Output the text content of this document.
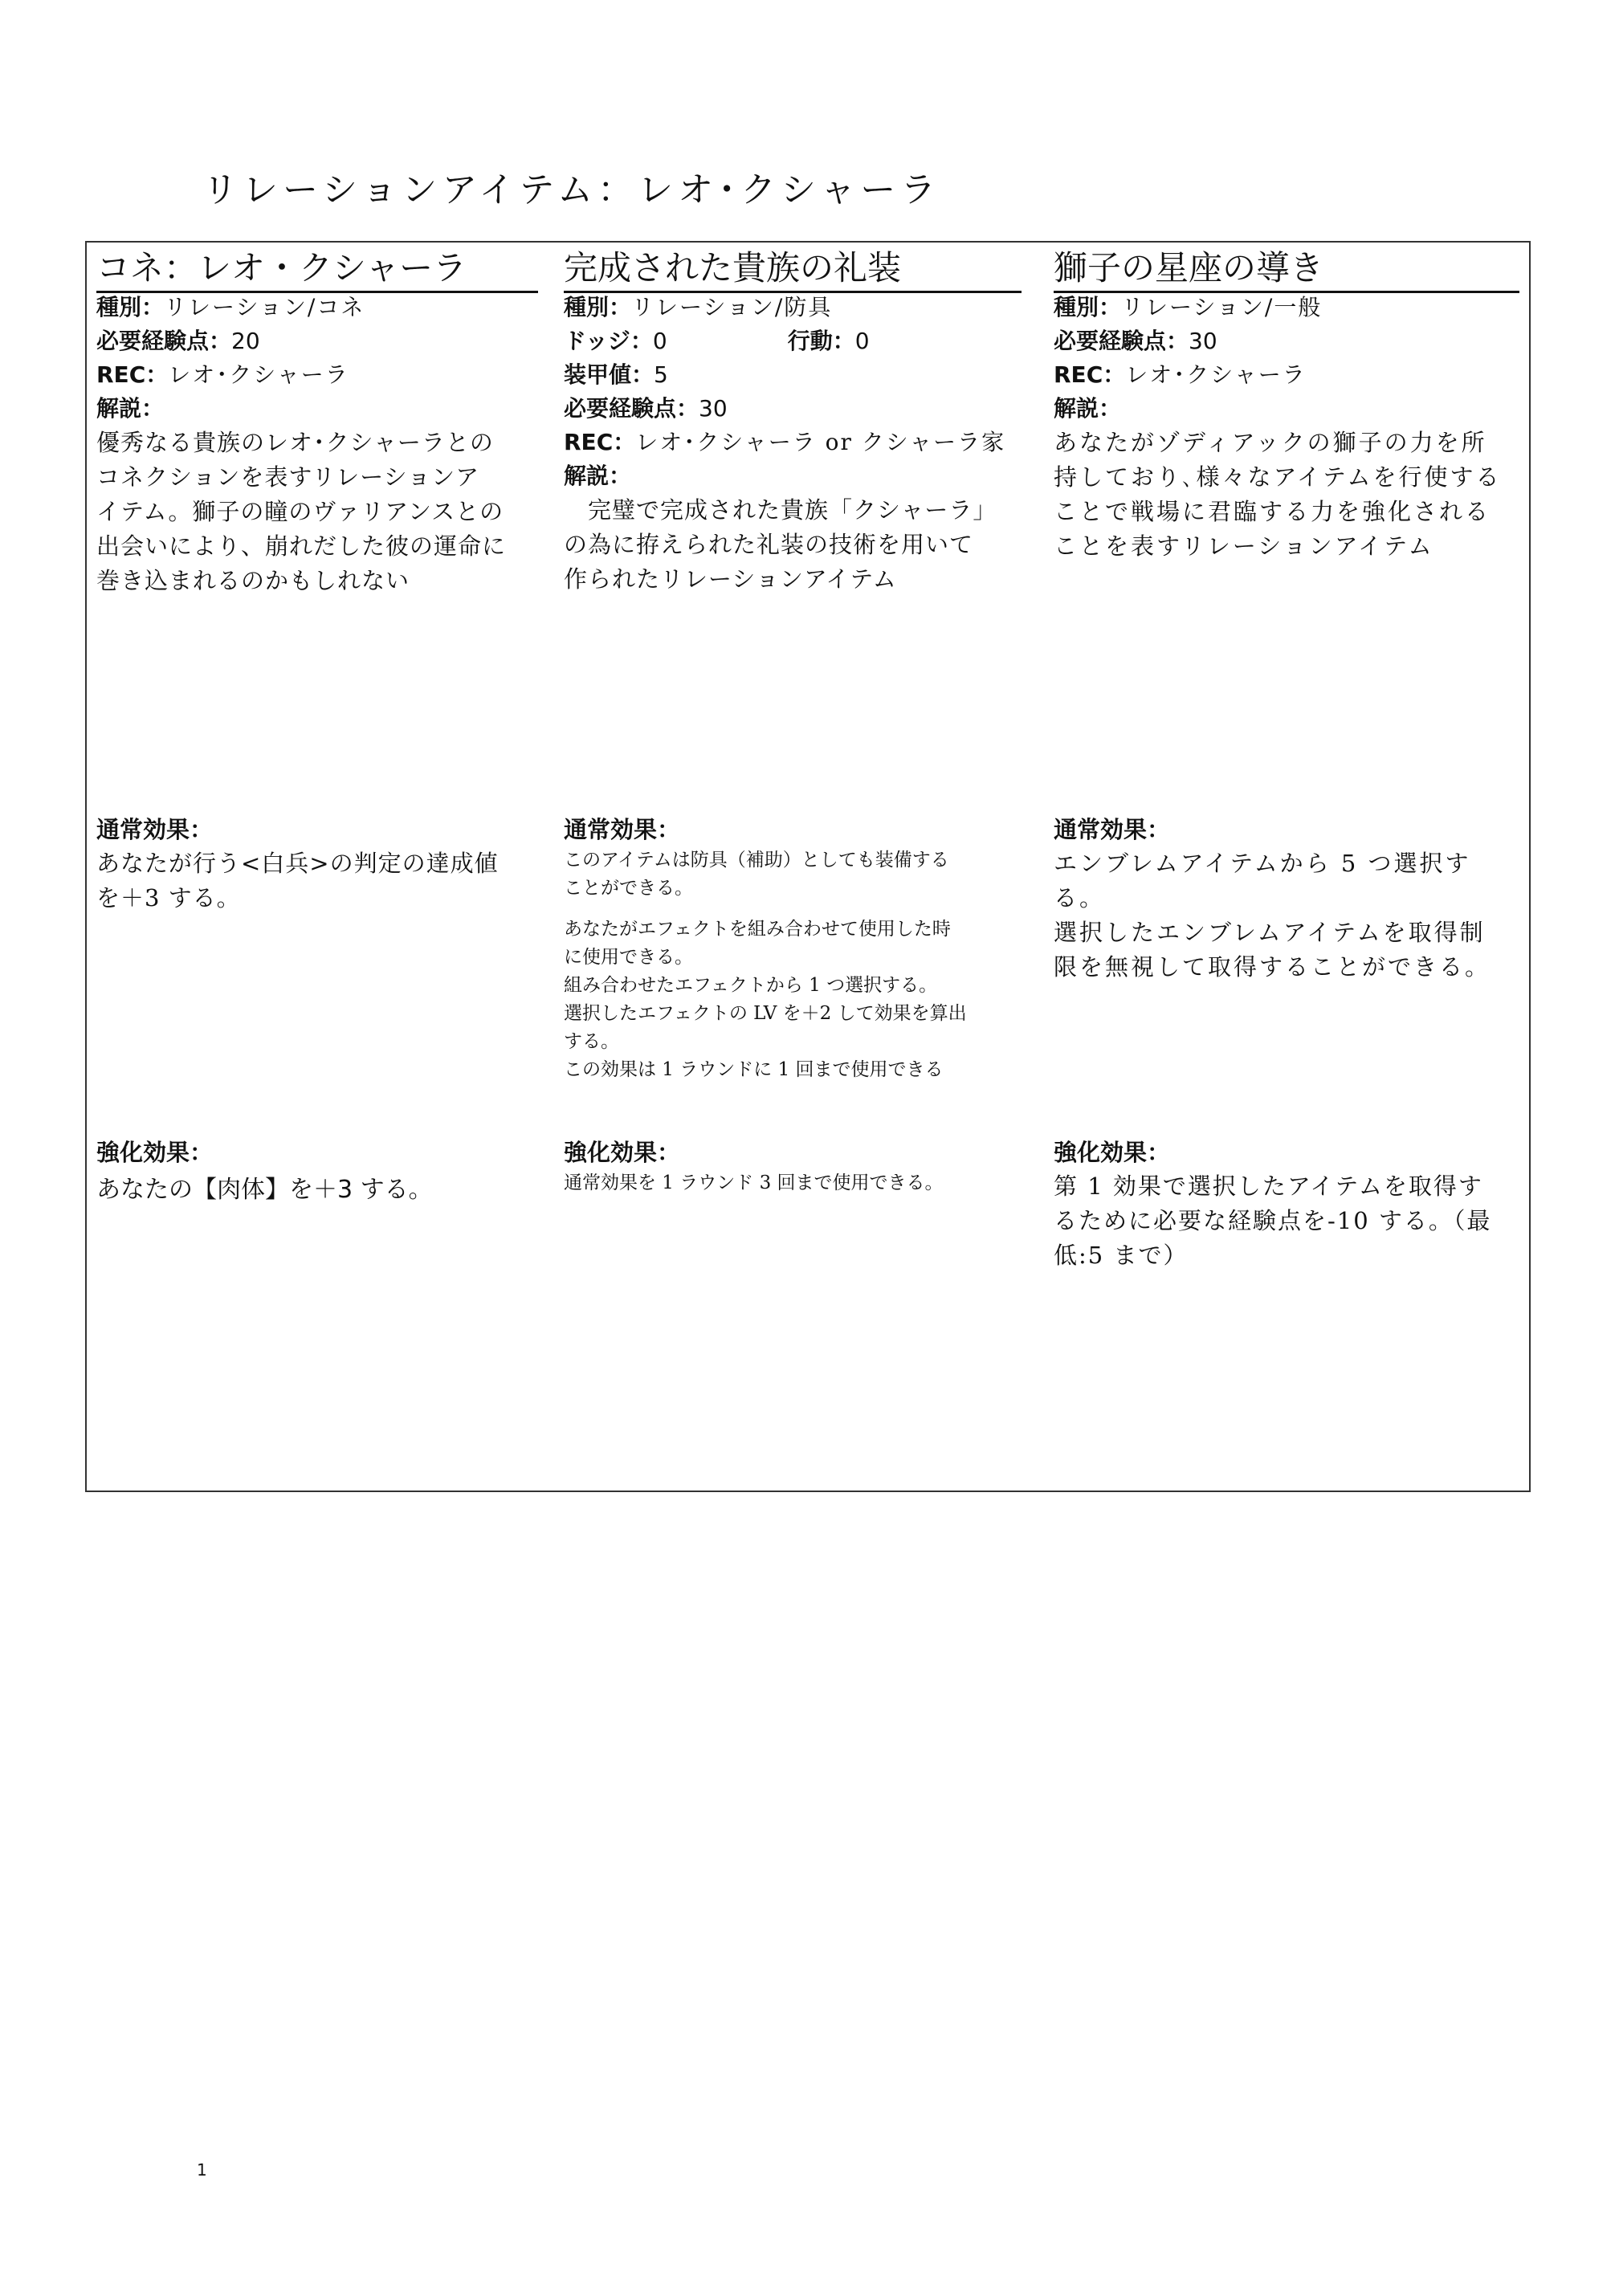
リレーションアイテム：レオ･クシャーラ
コネ：レオ・クシャーラ
種別：リレーション/コネ
必要経験点：20
REC：レオ･クシャーラ
解説：
優秀なる貴族のレオ･クシャーラとの
コネクションを表すリレーションア
イテム。獅子の瞳のヴァリアンスとの
出会いにより、崩れだした彼の運命に
巻き込まれるのかもしれない
通常効果：
あなたが行う<白兵>の判定の達成値
を＋3 する。
強化効果：
あなたの【肉体】を＋3 する。
完成された貴族の礼装
種別：リレーション/防具
ドッジ：0	行動：0
装甲値：5
必要経験点：30
REC：レオ･クシャーラ or クシャーラ家
解説：
　完璧で完成された貴族「クシャーラ」
の為に拵えられた礼装の技術を用いて
作られたリレーションアイテム
通常効果：
このアイテムは防具（補助）としても装備する
ことができる。
あなたがエフェクトを組み合わせて使用した時
に使用できる。
組み合わせたエフェクトから 1 つ選択する。
選択したエフェクトの LV を＋2 して効果を算出
する。
この効果は 1 ラウンドに 1 回まで使用できる
強化効果：
通常効果を 1 ラウンド 3 回まで使用できる。
獅子の星座の導き
種別：リレーション/一般
必要経験点：30
REC：レオ･クシャーラ
解説：
あなたがゾディアックの獅子の力を所
持しており､様々なアイテムを行使する
ことで戦場に君臨する力を強化される
ことを表すリレーションアイテム
通常効果：
エンブレムアイテムから 5 つ選択する。
選択したエンブレムアイテムを取得制
限を無視して取得することができる。
強化効果：
第 1 効果で選択したアイテムを取得す
るために必要な経験点を-10 する。（最
低:5 まで）
1
